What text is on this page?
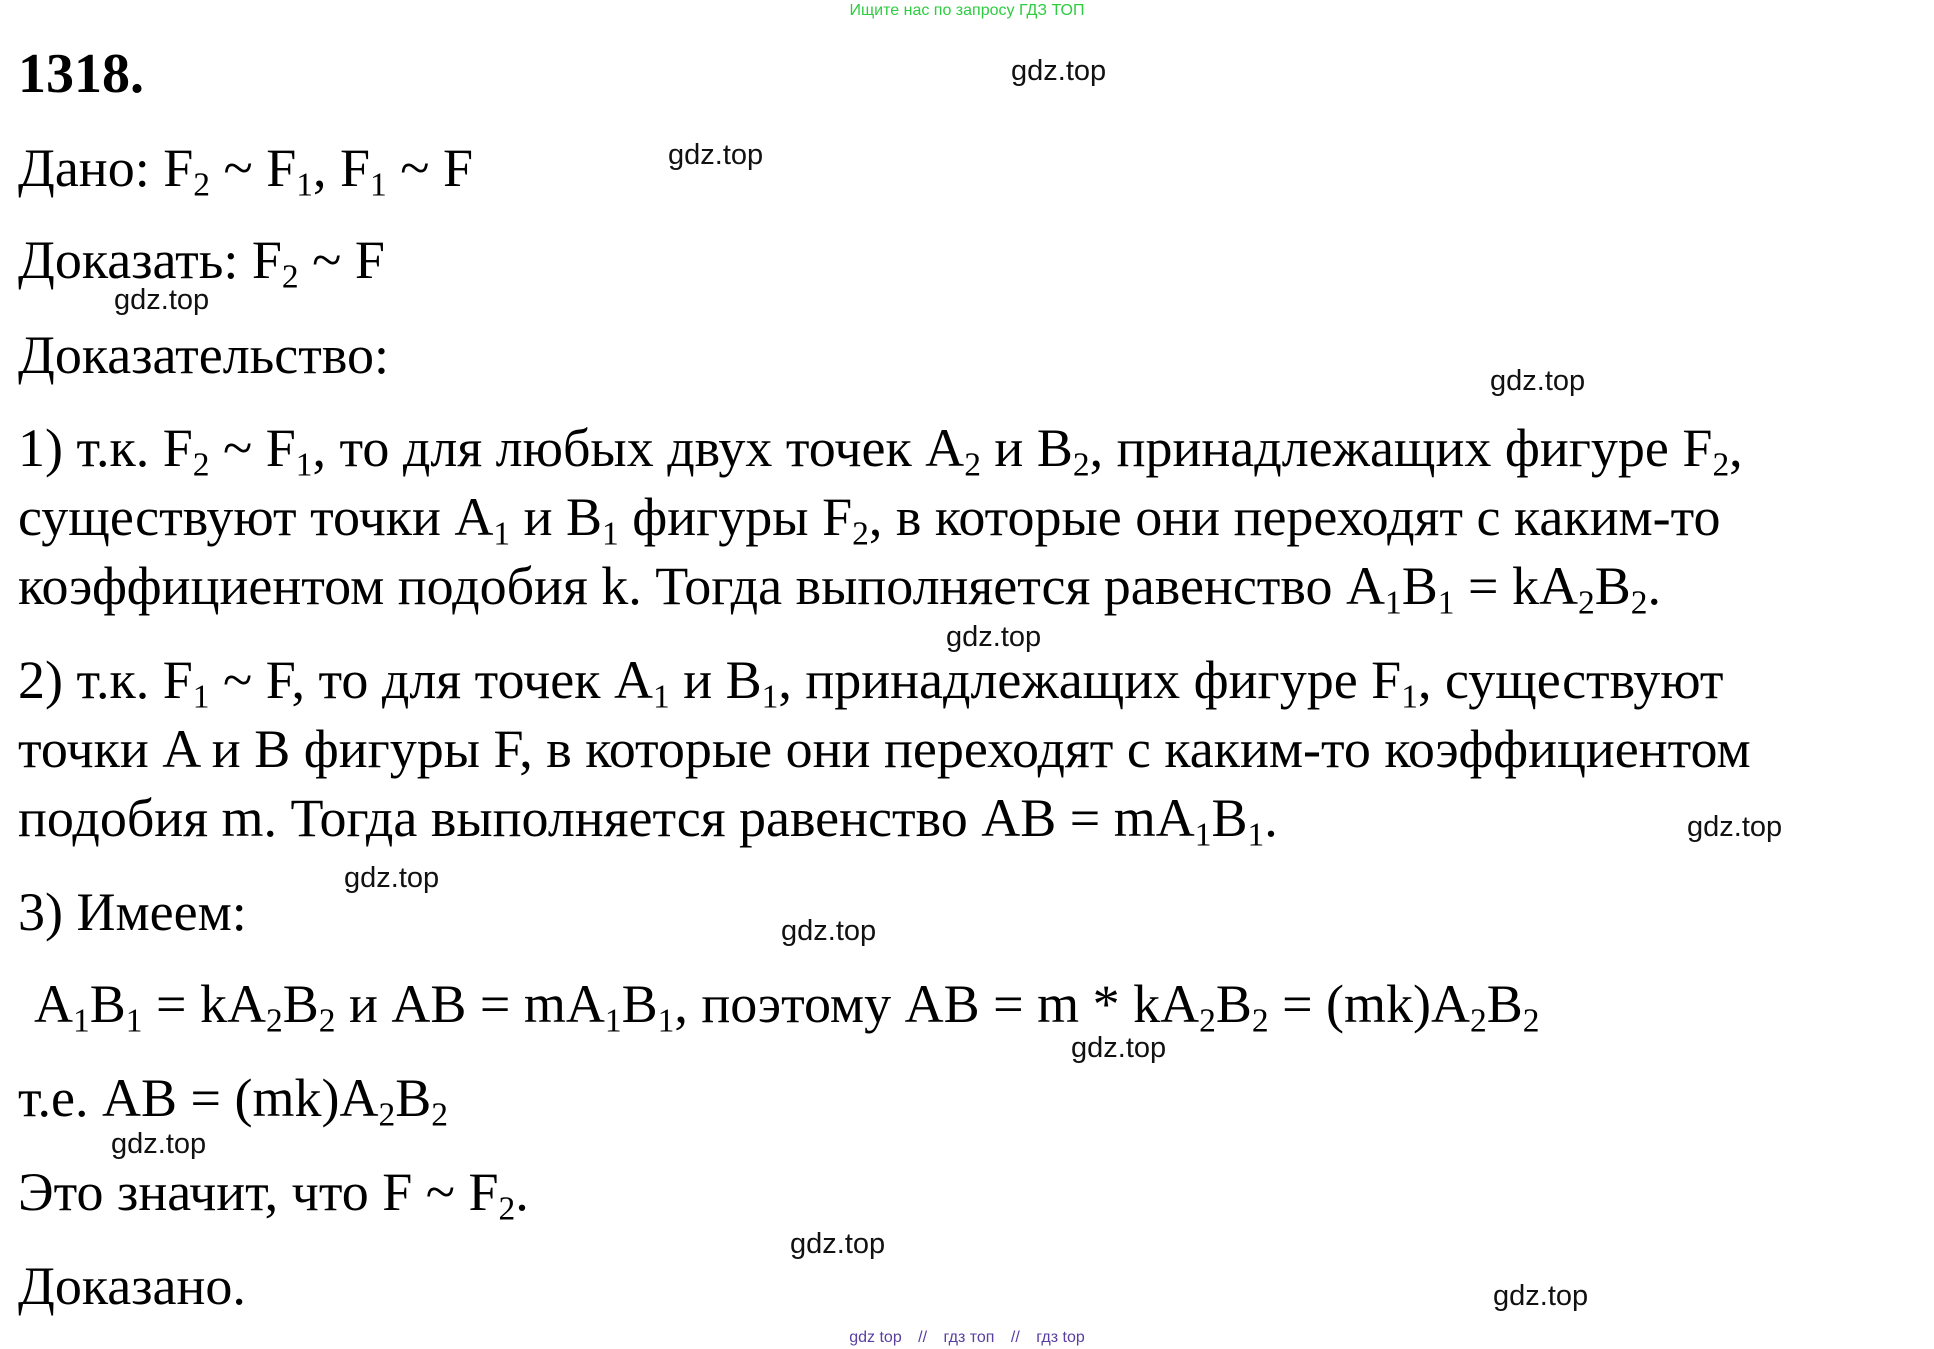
Ищите нас по запросу ГДЗ ТОП
1318.
Дано: $F_2$ ~ $F_1$, $F_1$ ~ F
Доказать: $F_2$ ~ F
Доказательство:
1) т.к. $F_2$ ~ $F_1$, то для любых двух точек $A_2$ и $B_2$, принадлежащих фигуре $F_2$,
существуют точки $A_1$ и $B_1$ фигуры $F_2$, в которые они переходят с каким-то
коэффициентом подобия k. Тогда выполняется равенство $A_1B_1 = kA_2B_2$.
2) т.к. $F_1$ ~ F, то для точек $A_1$ и $B_1$, принадлежащих фигуре $F_1$, существуют
точки A и B фигуры F, в которые они переходят с каким-то коэффициентом
подобия m. Тогда выполняется равенство AB = $mA_1B_1$.
3) Имеем:
$A_1B_1 = kA_2B_2$ и AB = $mA_1B_1$, поэтому AB = $m * kA_2B_2 = (mk)A_2B_2$
т.е. AB = $(mk)A_2B_2$
Это значит, что F ~ $F_2$.
Доказано.
gdz.top
gdz.top
gdz.top
gdz.top
gdz.top
gdz.top
gdz.top
gdz.top
gdz.top
gdz.top
gdz.top
gdz.top
gdz top // гдз топ // гдз top
